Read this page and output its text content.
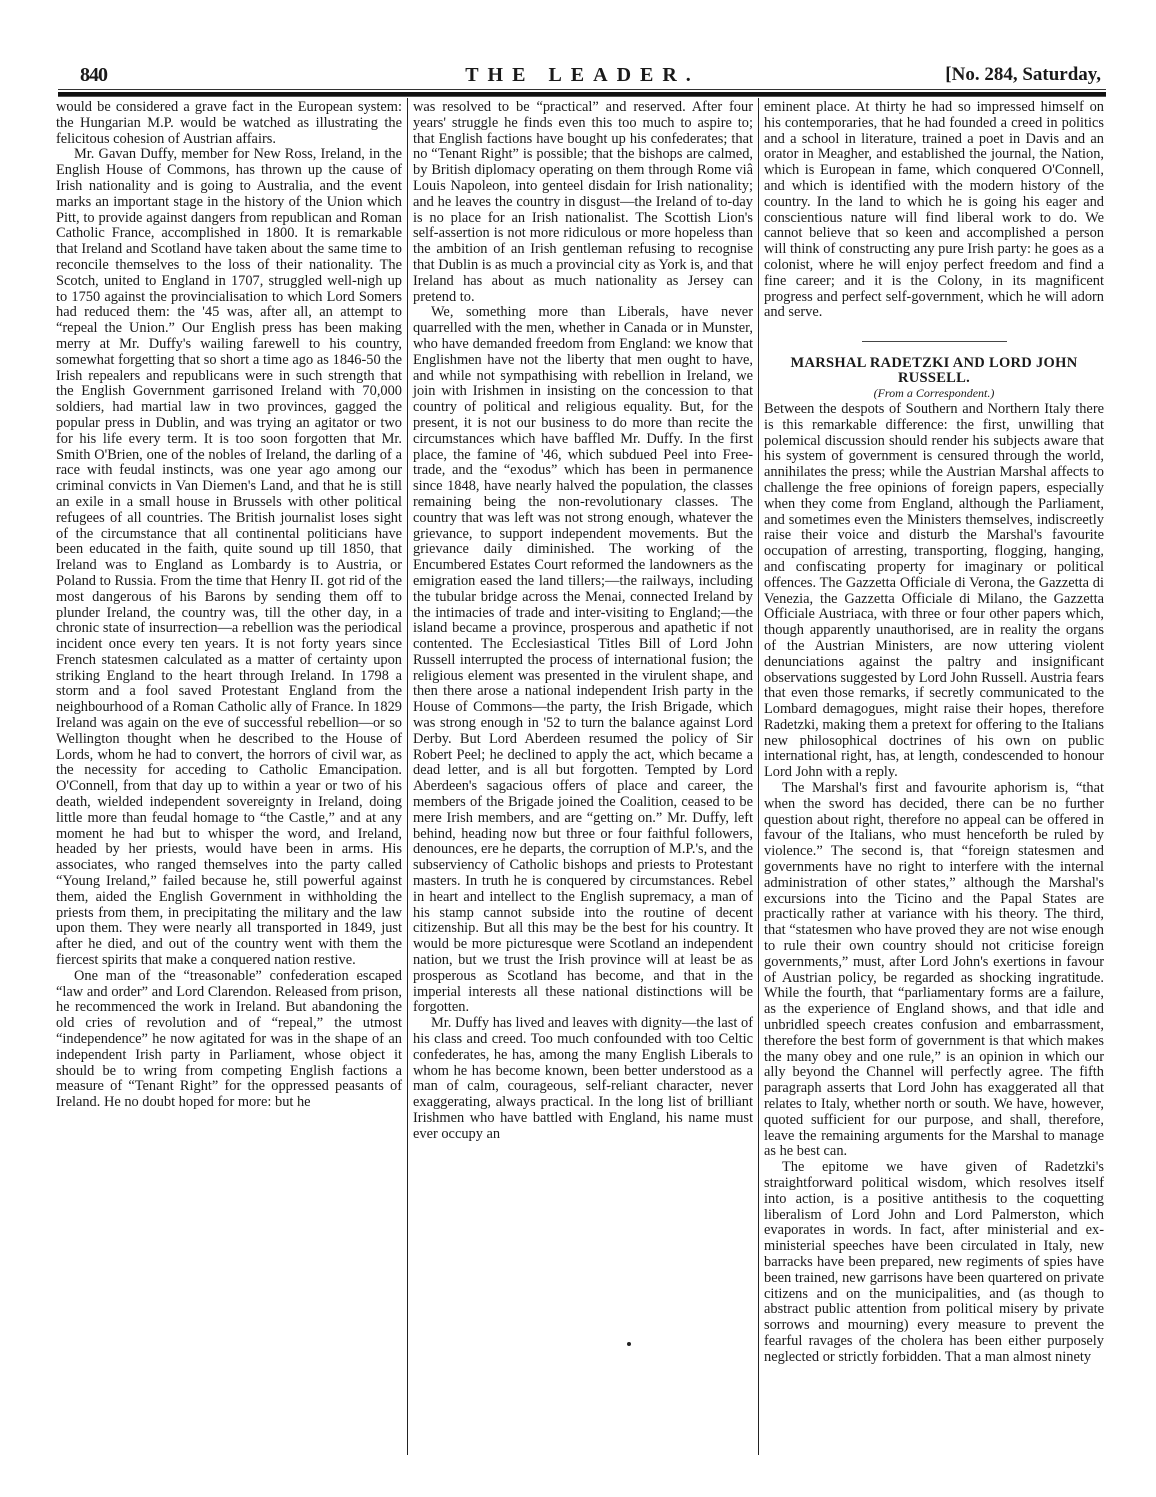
840	THE LEADER.	[No. 284, Saturday,

would be considered a grave fact in the European system: the Hungarian M.P. would be watched as illustrating the felicitous cohesion of Austrian affairs.

Mr. Gavan Duffy, member for New Ross, Ireland, in the English House of Commons, has thrown up the cause of Irish nationality and is going to Australia, and the event marks an important stage in the history of the Union which Pitt, to provide against dangers from republican and Roman Catholic France, accomplished in 1800. It is remarkable that Ireland and Scotland have taken about the same time to reconcile themselves to the loss of their nationality. The Scotch, united to England in 1707, struggled well-nigh up to 1750 against the provincialisation to which Lord Somers had reduced them: the '45 was, after all, an attempt to “repeal the Union.” Our English press has been making merry at Mr. Duffy's wailing farewell to his country, somewhat forgetting that so short a time ago as 1846-50 the Irish repealers and republicans were in such strength that the English Government garrisoned Ireland with 70,000 soldiers, had martial law in two provinces, gagged the popular press in Dublin, and was trying an agitator or two for his life every term. It is too soon forgotten that Mr. Smith O'Brien, one of the nobles of Ireland, the darling of a race with feudal instincts, was one year ago among our criminal convicts in Van Diemen's Land, and that he is still an exile in a small house in Brussels with other political refugees of all countries. The British journalist loses sight of the circumstance that all continental politicians have been educated in the faith, quite sound up till 1850, that Ireland was to England as Lombardy is to Austria, or Poland to Russia. From the time that Henry II. got rid of the most dangerous of his Barons by sending them off to plunder Ireland, the country was, till the other day, in a chronic state of insurrection—a rebellion was the periodical incident once every ten years. It is not forty years since French statesmen calculated as a matter of certainty upon striking England to the heart through Ireland. In 1798 a storm and a fool saved Protestant England from the neighbourhood of a Roman Catholic ally of France. In 1829 Ireland was again on the eve of successful rebellion—or so Wellington thought when he described to the House of Lords, whom he had to convert, the horrors of civil war, as the necessity for acceding to Catholic Emancipation. O'Connell, from that day up to within a year or two of his death, wielded independent sovereignty in Ireland, doing little more than feudal homage to “the Castle,” and at any moment he had but to whisper the word, and Ireland, headed by her priests, would have been in arms. His associates, who ranged themselves into the party called “Young Ireland,” failed because he, still powerful against them, aided the English Government in withholding the priests from them, in precipitating the military and the law upon them. They were nearly all transported in 1849, just after he died, and out of the country went with them the fiercest spirits that make a conquered nation restive.

One man of the “treasonable” confederation escaped “law and order” and Lord Clarendon. Released from prison, he recommenced the work in Ireland. But abandoning the old cries of revolution and of “repeal,” the utmost “independence” he now agitated for was in the shape of an independent Irish party in Parliament, whose object it should be to wring from competing English factions a measure of “Tenant Right” for the oppressed peasants of Ireland. He no doubt hoped for more: but he

was resolved to be “practical” and reserved. After four years' struggle he finds even this too much to aspire to; that English factions have bought up his confederates; that no “Tenant Right” is possible; that the bishops are calmed, by British diplomacy operating on them through Rome viâ Louis Napoleon, into genteel disdain for Irish nationality; and he leaves the country in disgust—the Ireland of to-day is no place for an Irish nationalist. The Scottish Lion's self-assertion is not more ridiculous or more hopeless than the ambition of an Irish gentleman refusing to recognise that Dublin is as much a provincial city as York is, and that Ireland has about as much nationality as Jersey can pretend to.

We, something more than Liberals, have never quarrelled with the men, whether in Canada or in Munster, who have demanded freedom from England: we know that Englishmen have not the liberty that men ought to have, and while not sympathising with rebellion in Ireland, we join with Irishmen in insisting on the concession to that country of political and religious equality. But, for the present, it is not our business to do more than recite the circumstances which have baffled Mr. Duffy. In the first place, the famine of '46, which subdued Peel into Free-trade, and the “exodus” which has been in permanence since 1848, have nearly halved the population, the classes remaining being the non-revolutionary classes. The country that was left was not strong enough, whatever the grievance, to support independent movements. But the grievance daily diminished. The working of the Encumbered Estates Court reformed the landowners as the emigration eased the land tillers;—the railways, including the tubular bridge across the Menai, connected Ireland by the intimacies of trade and inter-visiting to England;—the island became a province, prosperous and apathetic if not contented. The Ecclesiastical Titles Bill of Lord John Russell interrupted the process of international fusion; the religious element was presented in the virulent shape, and then there arose a national independent Irish party in the House of Commons—the party, the Irish Brigade, which was strong enough in '52 to turn the balance against Lord Derby. But Lord Aberdeen resumed the policy of Sir Robert Peel; he declined to apply the act, which became a dead letter, and is all but forgotten. Tempted by Lord Aberdeen's sagacious offers of place and career, the members of the Brigade joined the Coalition, ceased to be mere Irish members, and are “getting on.” Mr. Duffy, left behind, heading now but three or four faithful followers, denounces, ere he departs, the corruption of M.P.'s, and the subserviency of Catholic bishops and priests to Protestant masters. In truth he is conquered by circumstances. Rebel in heart and intellect to the English supremacy, a man of his stamp cannot subside into the routine of decent citizenship. But all this may be the best for his country. It would be more picturesque were Scotland an independent nation, but we trust the Irish province will at least be as prosperous as Scotland has become, and that in the imperial interests all these national distinctions will be forgotten.

Mr. Duffy has lived and leaves with dignity—the last of his class and creed. Too much confounded with too Celtic confederates, he has, among the many English Liberals to whom he has become known, been better understood as a man of calm, courageous, self-reliant character, never exaggerating, always practical. In the long list of brilliant Irishmen who have battled with England, his name must ever occupy an

eminent place. At thirty he had so impressed himself on his contemporaries, that he had founded a creed in politics and a school in literature, trained a poet in Davis and an orator in Meagher, and established the journal, the Nation, which is European in fame, which conquered O'Connell, and which is identified with the modern history of the country. In the land to which he is going his eager and conscientious nature will find liberal work to do. We cannot believe that so keen and accomplished a person will think of constructing any pure Irish party: he goes as a colonist, where he will enjoy perfect freedom and find a fine career; and it is the Colony, in its magnificent progress and perfect self-government, which he will adorn and serve.

MARSHAL RADETZKI AND LORD JOHN RUSSELL.

(From a Correspondent.)

Between the despots of Southern and Northern Italy there is this remarkable difference: the first, unwilling that polemical discussion should render his subjects aware that his system of government is censured through the world, annihilates the press; while the Austrian Marshal affects to challenge the free opinions of foreign papers, especially when they come from England, although the Parliament, and sometimes even the Ministers themselves, indiscreetly raise their voice and disturb the Marshal's favourite occupation of arresting, transporting, flogging, hanging, and confiscating property for imaginary or political offences. The Gazzetta Officiale di Verona, the Gazzetta di Venezia, the Gazzetta Officiale di Milano, the Gazzetta Officiale Austriaca, with three or four other papers which, though apparently unauthorised, are in reality the organs of the Austrian Ministers, are now uttering violent denunciations against the paltry and insignificant observations suggested by Lord John Russell. Austria fears that even those remarks, if secretly communicated to the Lombard demagogues, might raise their hopes, therefore Radetzki, making them a pretext for offering to the Italians new philosophical doctrines of his own on public international right, has, at length, condescended to honour Lord John with a reply.

The Marshal's first and favourite aphorism is, “that when the sword has decided, there can be no further question about right, therefore no appeal can be offered in favour of the Italians, who must henceforth be ruled by violence.” The second is, that “foreign statesmen and governments have no right to interfere with the internal administration of other states,” although the Marshal's excursions into the Ticino and the Papal States are practically rather at variance with his theory. The third, that “statesmen who have proved they are not wise enough to rule their own country should not criticise foreign governments,” must, after Lord John's exertions in favour of Austrian policy, be regarded as shocking ingratitude. While the fourth, that “parliamentary forms are a failure, as the experience of England shows, and that idle and unbridled speech creates confusion and embarrassment, therefore the best form of government is that which makes the many obey and one rule,” is an opinion in which our ally beyond the Channel will perfectly agree. The fifth paragraph asserts that Lord John has exaggerated all that relates to Italy, whether north or south. We have, however, quoted sufficient for our purpose, and shall, therefore, leave the remaining arguments for the Marshal to manage as he best can.

The epitome we have given of Radetzki's straightforward political wisdom, which resolves itself into action, is a positive antithesis to the coquetting liberalism of Lord John and Lord Palmerston, which evaporates in words. In fact, after ministerial and ex-ministerial speeches have been circulated in Italy, new barracks have been prepared, new regiments of spies have been trained, new garrisons have been quartered on private citizens and on the municipalities, and (as though to abstract public attention from political misery by private sorrows and mourning) every measure to prevent the fearful ravages of the cholera has been either purposely neglected or strictly forbidden. That a man almost ninety
